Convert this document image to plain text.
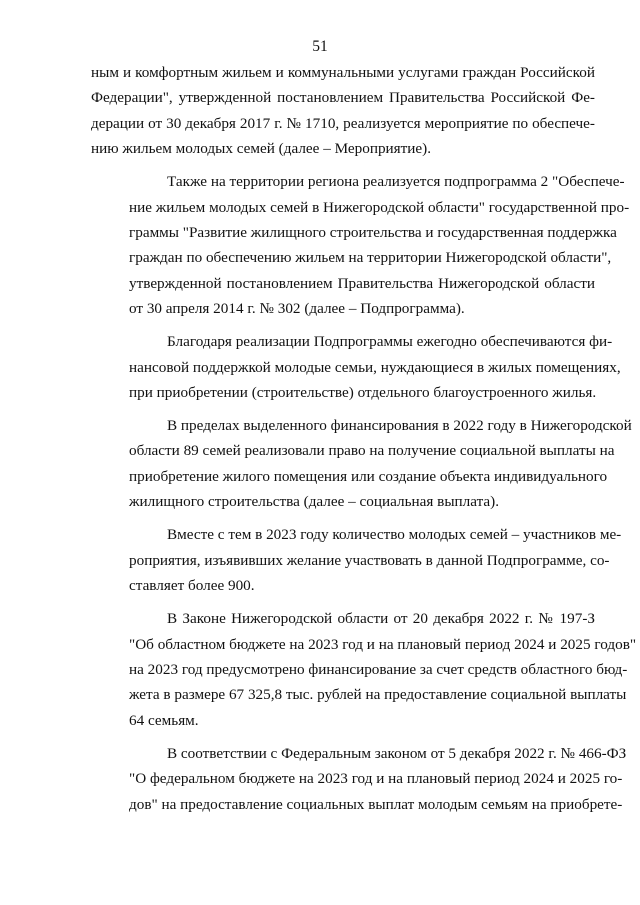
51
ным и комфортным жильем и коммунальными услугами граждан Российской
Федерации", утвержденной постановлением Правительства Российской Фе-
дерации от 30 декабря 2017 г. № 1710, реализуется мероприятие по обеспече-
нию жильем молодых семей (далее – Мероприятие).
Также на территории региона реализуется подпрограмма 2 "Обеспече-
ние жильем молодых семей в Нижегородской области" государственной про-
граммы "Развитие жилищного строительства и государственная поддержка
граждан по обеспечению жильем на территории Нижегородской области",
утвержденной постановлением Правительства Нижегородской области
от 30 апреля 2014 г. № 302 (далее – Подпрограмма).
Благодаря реализации Подпрограммы ежегодно обеспечиваются фи-
нансовой поддержкой молодые семьи, нуждающиеся в жилых помещениях,
при приобретении (строительстве) отдельного благоустроенного жилья.
В пределах выделенного финансирования в 2022 году в Нижегородской
области 89 семей реализовали право на получение социальной выплаты на
приобретение жилого помещения или создание объекта индивидуального
жилищного строительства (далее – социальная выплата).
Вместе с тем в 2023 году количество молодых семей – участников ме-
роприятия, изъявивших желание участвовать в данной Подпрограмме, со-
ставляет более 900.
В Законе Нижегородской области от 20 декабря 2022 г. № 197-З
"Об областном бюджете на 2023 год и на плановый период 2024 и 2025 годов"
на 2023 год предусмотрено финансирование за счет средств областного бюд-
жета в размере 67 325,8 тыс. рублей на предоставление социальной выплаты
64 семьям.
В соответствии с Федеральным законом от 5 декабря 2022 г. № 466-ФЗ
"О федеральном бюджете на 2023 год и на плановый период 2024 и 2025 го-
дов" на предоставление социальных выплат молодым семьям на приобрете-
